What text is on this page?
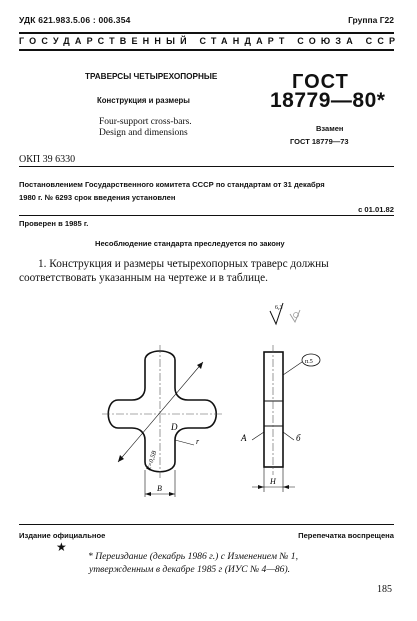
УДК 621.983.5.06 : 006.354	Группа Г22
ГОСУДАРСТВЕННЫЙ СТАНДАРТ СОЮЗА ССР
ТРАВЕРСЫ ЧЕТЫРЕХОПОРНЫЕ
Конструкция и размеры
Four-support cross-bars.
Design and dimensions
ГОСТ
18779—80*
Взамен
ГОСТ 18779—73
ОКП 39 6330
Постановлением Государственного комитета СССР по стандартам от 31 декабря
1980 г. № 6293 срок введения установлен
с 01.01.82
Проверен в 1985 г.
Несоблюдение стандарта преследуется по закону
1. Конструкция и размеры четырехопорных траверс должны
соответствовать указанным на чертеже и в таблице.
6,3
D
r
R=0,5B
B
п.5
А	б
H
Издание официальное	Перепечатка воспрещена
★
* Переиздание (декабрь 1986 г.) с Изменением № 1,
утвержденным в декабре 1985 г (ИУС № 4—86).
185
